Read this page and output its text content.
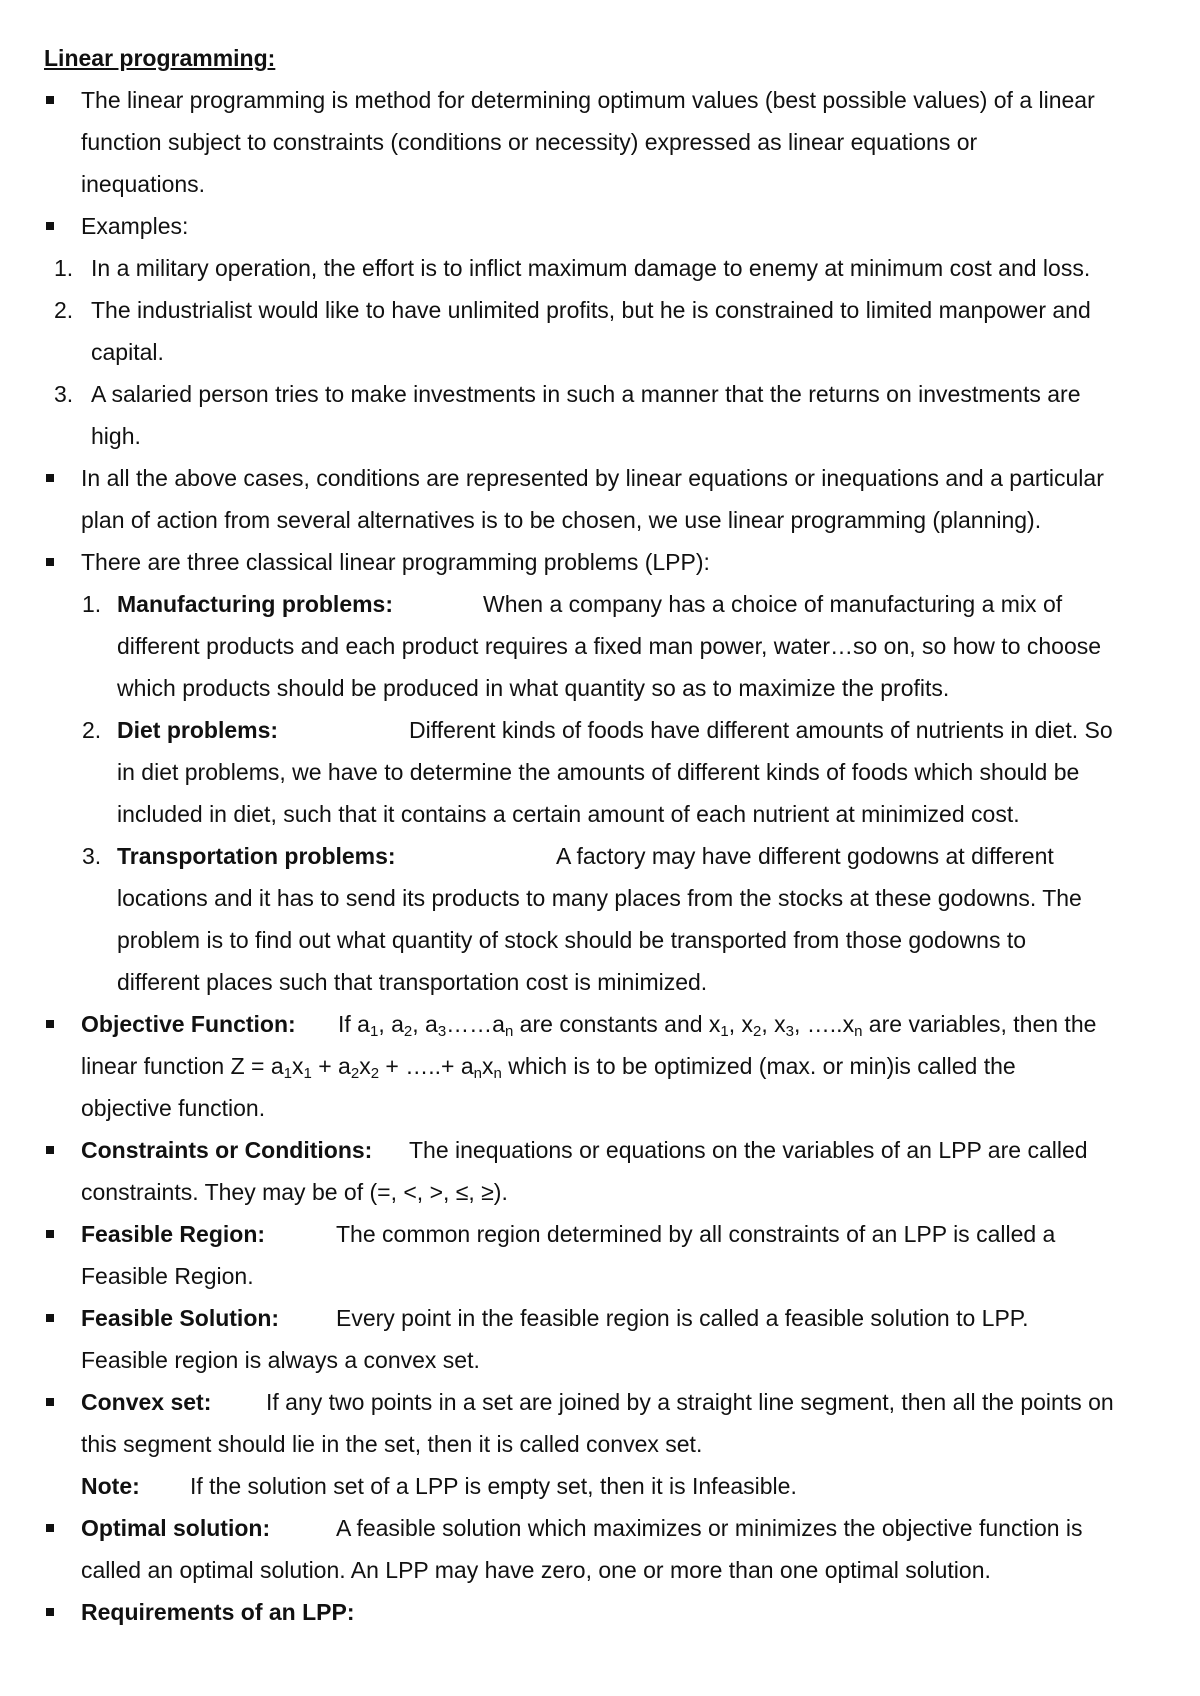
Linear programming:
The linear programming is method for determining optimum values (best possible values) of a linear
function subject to constraints (conditions or necessity) expressed as linear equations or
inequations.
Examples:
1. In a military operation, the effort is to inflict maximum damage to enemy at minimum cost and loss.
2. The industrialist would like to have unlimited profits, but he is constrained to limited manpower and
capital.
3. A salaried person tries to make investments in such a manner that the returns on investments are
high.
In all the above cases, conditions are represented by linear equations or inequations and a particular
plan of action from several alternatives is to be chosen, we use linear programming (planning).
There are three classical linear programming problems (LPP):
1. Manufacturing problems:	When a company has a choice of manufacturing a mix of
different products and each product requires a fixed man power, water…so on, so how to choose
which products should be produced in what quantity so as to maximize the profits.
2. Diet problems:	Different kinds of foods have different amounts of nutrients in diet. So
in diet problems, we have to determine the amounts of different kinds of foods which should be
included in diet, such that it contains a certain amount of each nutrient at minimized cost.
3. Transportation problems:	A factory may have different godowns at different
locations and it has to send its products to many places from the stocks at these godowns. The
problem is to find out what quantity of stock should be transported from those godowns to
different places such that transportation cost is minimized.
Objective Function: If $a_1$, $a_2$, $a_3\dots\dots a_n$ are constants and $x_1$, $x_2$, $x_3$, $\dots..x_n$ are variables, then the
linear function $Z = a_1x_1 + a_2x_2$ + …..+ $a_nx_n$ which is to be optimized (max. or min)is called the
objective function.
Constraints or Conditions: The inequations or equations on the variables of an LPP are called
constraints. They may be of (=, <, >, ≤, ≥).
Feasible Region:	The common region determined by all constraints of an LPP is called a
Feasible Region.
Feasible Solution: Every point in the feasible region is called a feasible solution to LPP.
Feasible region is always a convex set.
Convex set: If any two points in a set are joined by a straight line segment, then all the points on
this segment should lie in the set, then it is called convex set.
Note: If the solution set of a LPP is empty set, then it is Infeasible.
Optimal solution:	A feasible solution which maximizes or minimizes the objective function is
called an optimal solution. An LPP may have zero, one or more than one optimal solution.
Requirements of an LPP:
